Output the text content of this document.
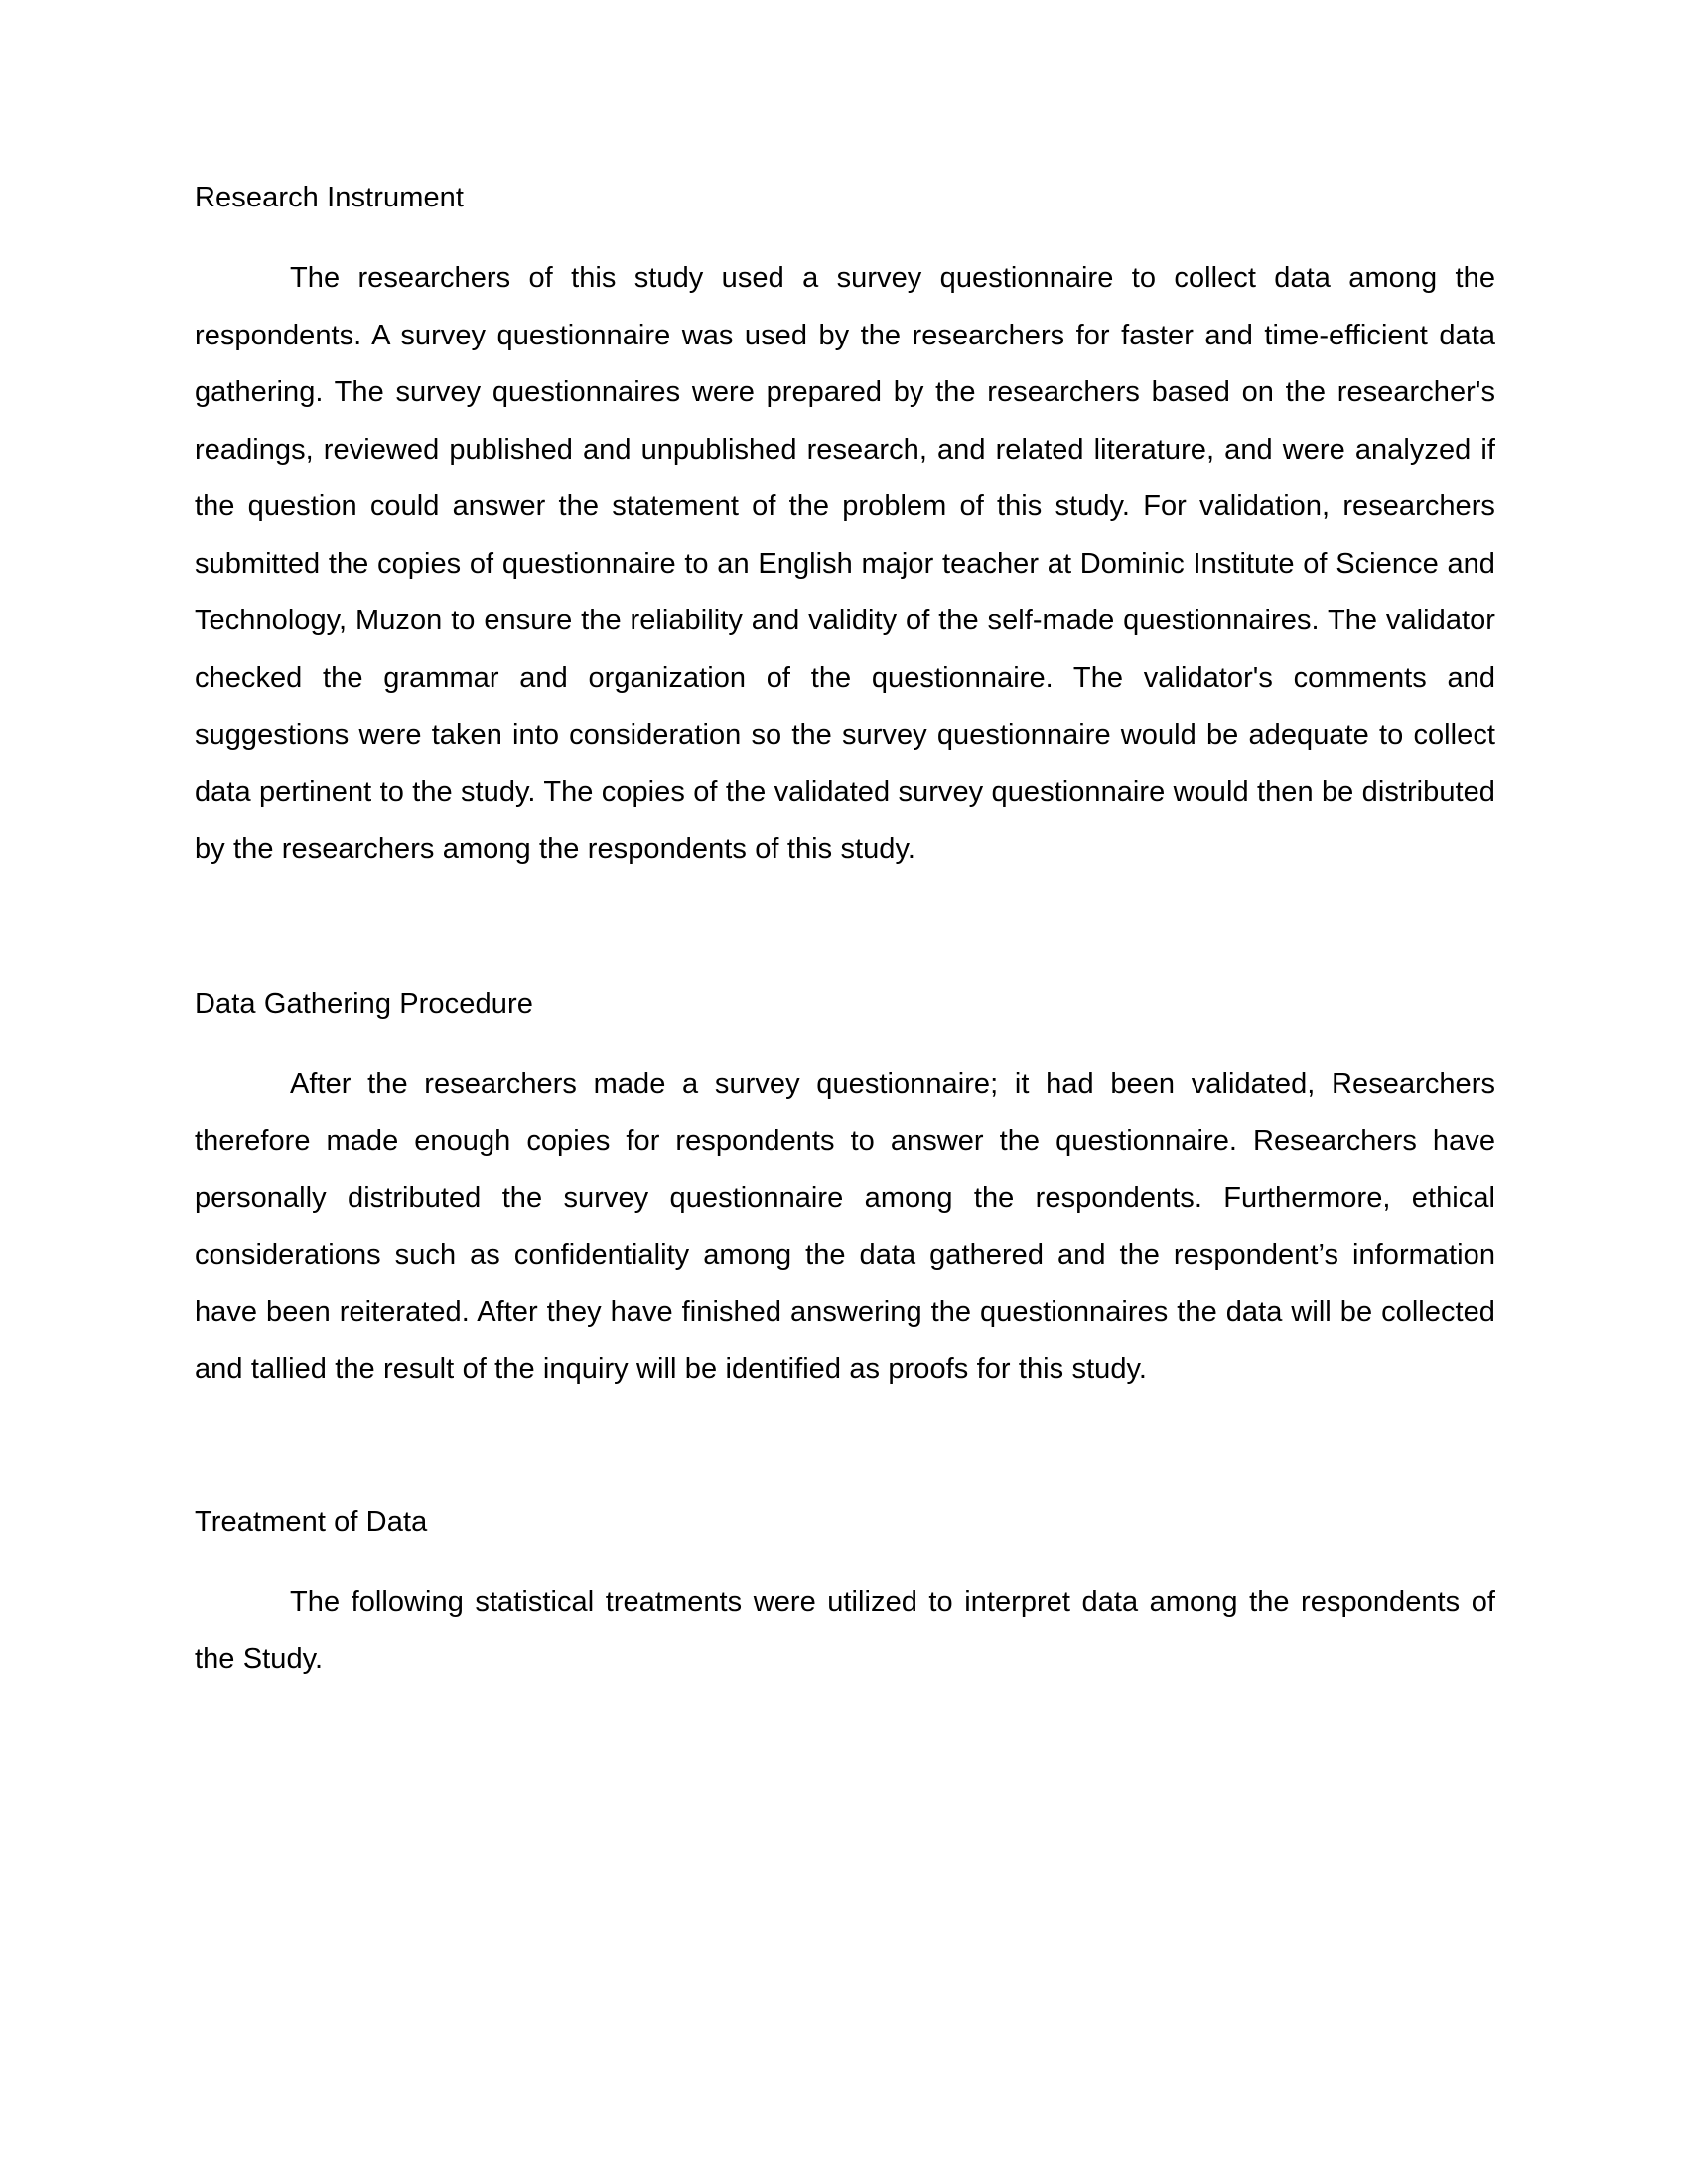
Research Instrument

The researchers of this study used a survey questionnaire to collect data among the respondents. A survey questionnaire was used by the researchers for faster and time-efficient data gathering. The survey questionnaires were prepared by the researchers based on the researcher's readings, reviewed published and unpublished research, and related literature, and were analyzed if the question could answer the statement of the problem of this study. For validation, researchers submitted the copies of questionnaire to an English major teacher at Dominic Institute of Science and Technology, Muzon to ensure the reliability and validity of the self-made questionnaires. The validator checked the grammar and organization of the questionnaire. The validator's comments and suggestions were taken into consideration so the survey questionnaire would be adequate to collect data pertinent to the study. The copies of the validated survey questionnaire would then be distributed by the researchers among the respondents of this study.

Data Gathering Procedure

After the researchers made a survey questionnaire; it had been validated, Researchers therefore made enough copies for respondents to answer the questionnaire. Researchers have personally distributed the survey questionnaire among the respondents. Furthermore, ethical considerations such as confidentiality among the data gathered and the respondent’s information have been reiterated. After they have finished answering the questionnaires the data will be collected and tallied the result of the inquiry will be identified as proofs for this study.

Treatment of Data

The following statistical treatments were utilized to interpret data among the respondents of the Study.
